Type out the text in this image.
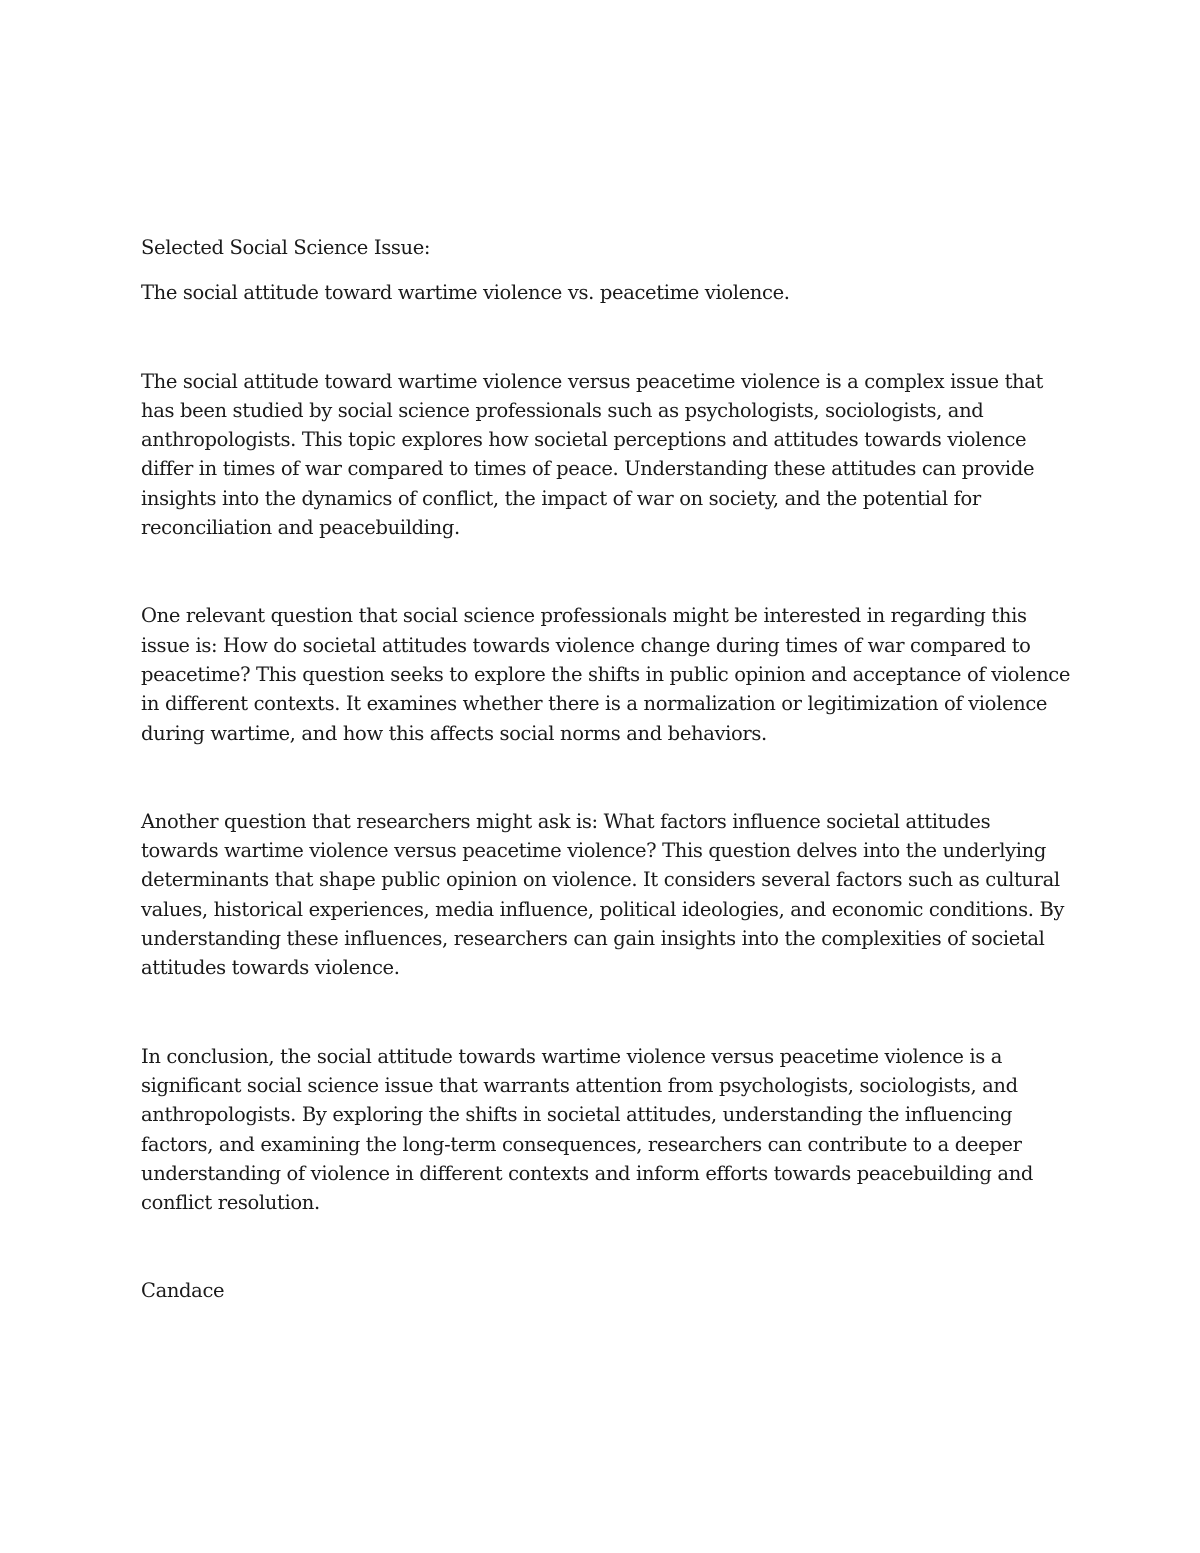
Selected Social Science Issue:

The social attitude toward wartime violence vs. peacetime violence.

The social attitude toward wartime violence versus peacetime violence is a complex issue that has been studied by social science professionals such as psychologists, sociologists, and anthropologists. This topic explores how societal perceptions and attitudes towards violence differ in times of war compared to times of peace. Understanding these attitudes can provide insights into the dynamics of conflict, the impact of war on society, and the potential for reconciliation and peacebuilding.

One relevant question that social science professionals might be interested in regarding this issue is: How do societal attitudes towards violence change during times of war compared to peacetime? This question seeks to explore the shifts in public opinion and acceptance of violence in different contexts. It examines whether there is a normalization or legitimization of violence during wartime, and how this affects social norms and behaviors.

Another question that researchers might ask is: What factors influence societal attitudes towards wartime violence versus peacetime violence? This question delves into the underlying determinants that shape public opinion on violence. It considers several factors such as cultural values, historical experiences, media influence, political ideologies, and economic conditions. By understanding these influences, researchers can gain insights into the complexities of societal attitudes towards violence.

In conclusion, the social attitude towards wartime violence versus peacetime violence is a significant social science issue that warrants attention from psychologists, sociologists, and anthropologists. By exploring the shifts in societal attitudes, understanding the influencing factors, and examining the long-term consequences, researchers can contribute to a deeper understanding of violence in different contexts and inform efforts towards peacebuilding and conflict resolution.

Candace
